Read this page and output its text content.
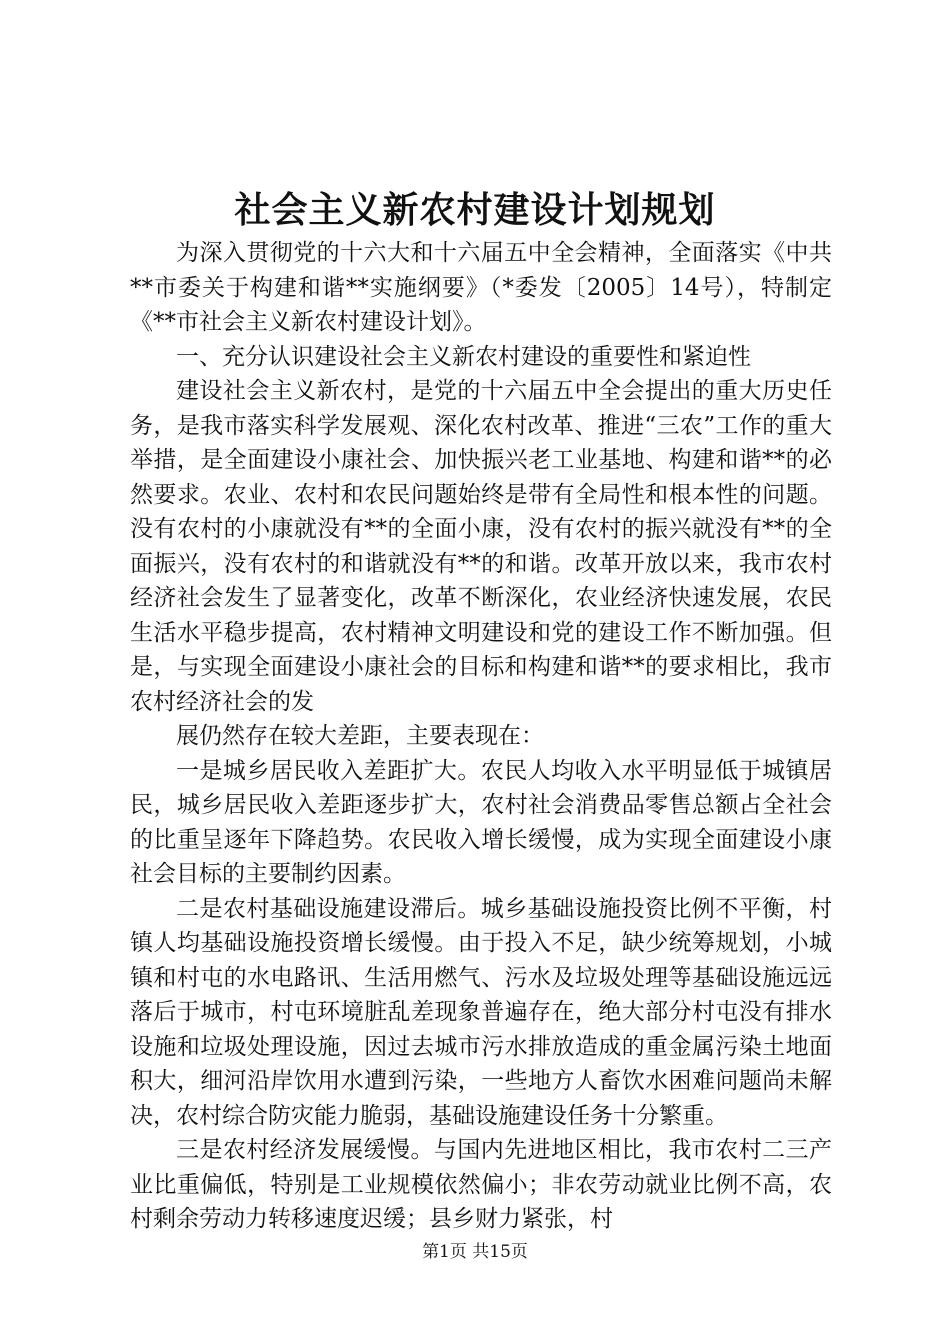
社会主义新农村建设计划规划

为深入贯彻党的十六大和十六届五中全会精神，全面落实《中共**市委关于构建和谐**实施纲要》（*委发〔2005〕14号），特制定《**市社会主义新农村建设计划》。

一、充分认识建设社会主义新农村建设的重要性和紧迫性

建设社会主义新农村，是党的十六届五中全会提出的重大历史任务，是我市落实科学发展观、深化农村改革、推进“三农”工作的重大举措，是全面建设小康社会、加快振兴老工业基地、构建和谐**的必然要求。农业、农村和农民问题始终是带有全局性和根本性的问题。没有农村的小康就没有**的全面小康，没有农村的振兴就没有**的全面振兴，没有农村的和谐就没有**的和谐。改革开放以来，我市农村经济社会发生了显著变化，改革不断深化，农业经济快速发展，农民生活水平稳步提高，农村精神文明建设和党的建设工作不断加强。但是，与实现全面建设小康社会的目标和构建和谐**的要求相比，我市农村经济社会的发

展仍然存在较大差距，主要表现在：

一是城乡居民收入差距扩大。农民人均收入水平明显低于城镇居民，城乡居民收入差距逐步扩大，农村社会消费品零售总额占全社会的比重呈逐年下降趋势。农民收入增长缓慢，成为实现全面建设小康社会目标的主要制约因素。

二是农村基础设施建设滞后。城乡基础设施投资比例不平衡，村镇人均基础设施投资增长缓慢。由于投入不足，缺少统筹规划，小城镇和村屯的水电路讯、生活用燃气、污水及垃圾处理等基础设施远远落后于城市，村屯环境脏乱差现象普遍存在，绝大部分村屯没有排水设施和垃圾处理设施，因过去城市污水排放造成的重金属污染土地面积大，细河沿岸饮用水遭到污染，一些地方人畜饮水困难问题尚未解决，农村综合防灾能力脆弱，基础设施建设任务十分繁重。

三是农村经济发展缓慢。与国内先进地区相比，我市农村二三产业比重偏低，特别是工业规模依然偏小；非农劳动就业比例不高，农村剩余劳动力转移速度迟缓；县乡财力紧张，村

第1页 共15页
